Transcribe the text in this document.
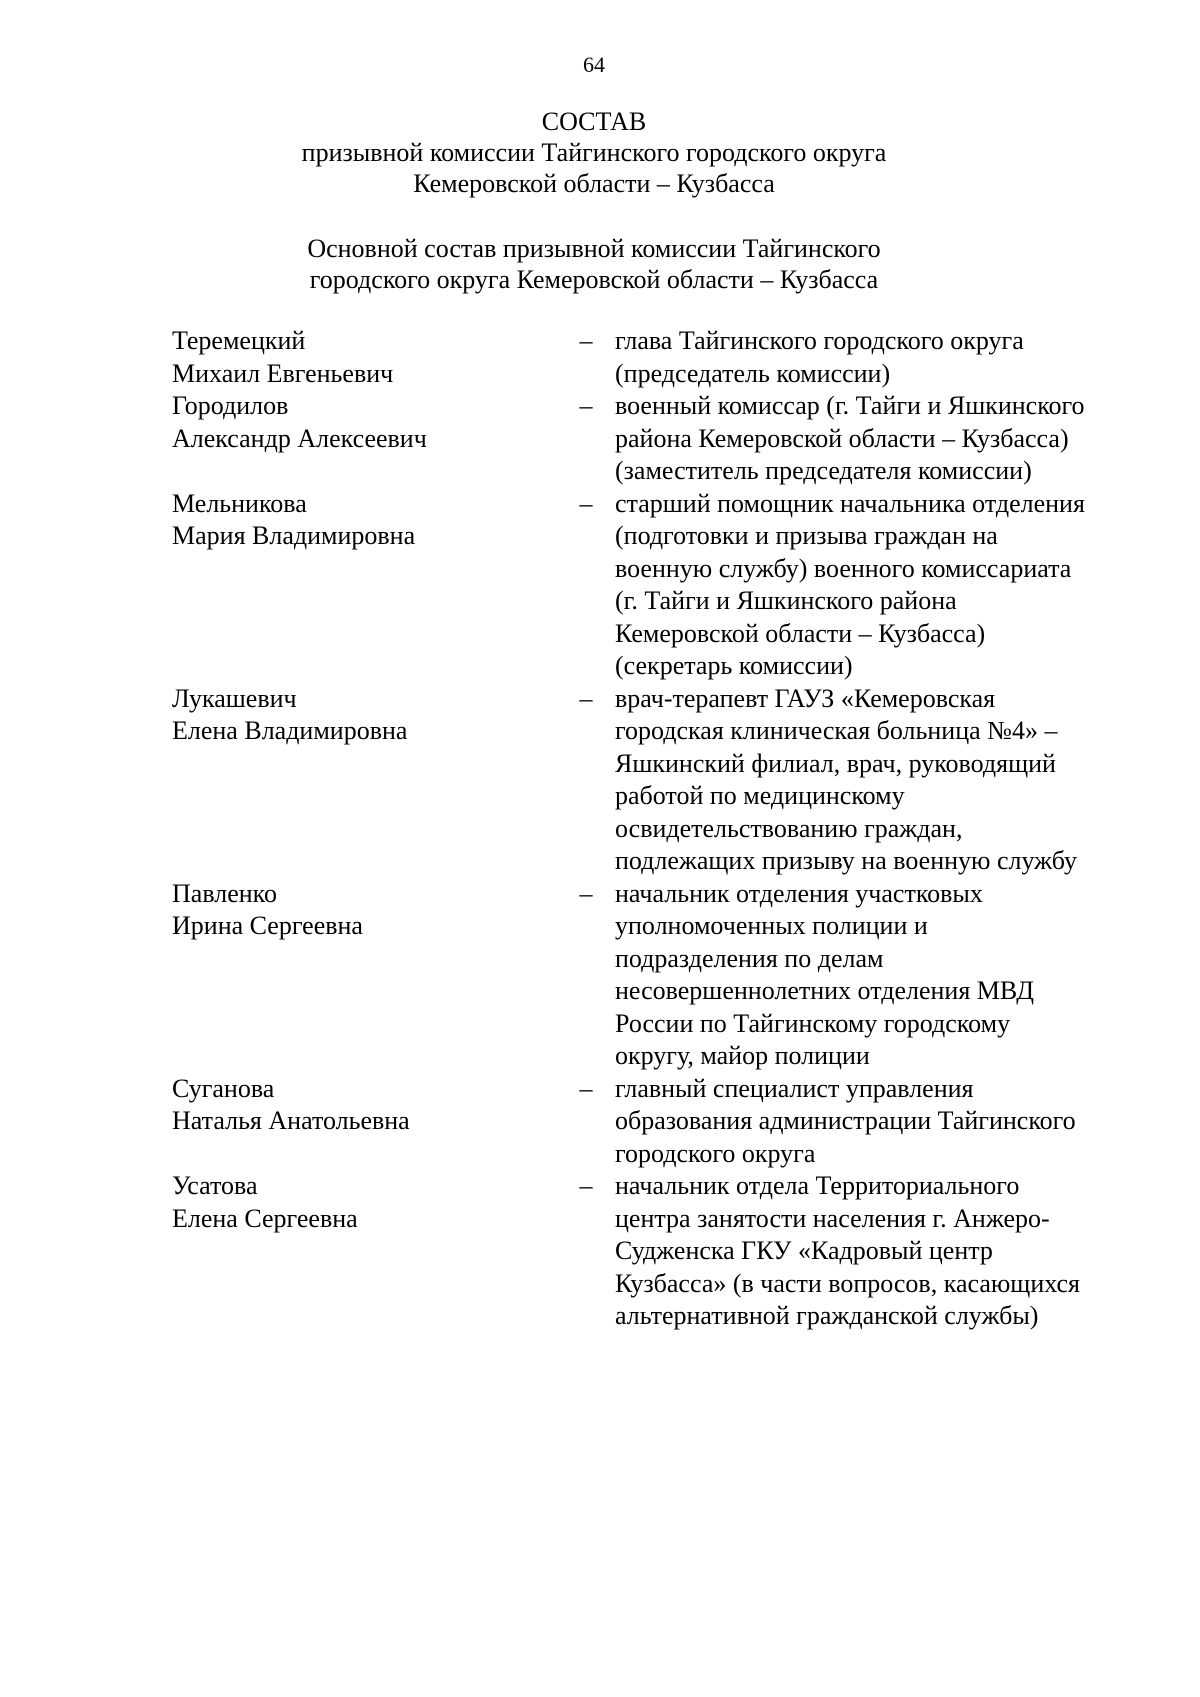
64
СОСТАВ
призывной комиссии Тайгинского городского округа
Кемеровской области – Кузбасса
Основной состав призывной комиссии Тайгинского
городского округа Кемеровской области – Кузбасса
Теремецкий
Михаил Евгеньевич
– глава Тайгинского городского округа
(председатель комиссии)
Городилов
Александр Алексеевич
– военный комиссар (г. Тайги и Яшкинского
района Кемеровской области – Кузбасса)
(заместитель председателя комиссии)
Мельникова
Мария Владимировна
– старший помощник начальника отделения
(подготовки и призыва граждан на
военную службу) военного комиссариата
(г. Тайги и Яшкинского района
Кемеровской области – Кузбасса)
(секретарь комиссии)
Лукашевич
Елена Владимировна
– врач-терапевт ГАУЗ «Кемеровская
городская клиническая больница №4» –
Яшкинский филиал, врач, руководящий
работой по медицинскому
освидетельствованию граждан,
подлежащих призыву на военную службу
Павленко
Ирина Сергеевна
– начальник отделения участковых
уполномоченных полиции и
подразделения по делам
несовершеннолетних отделения МВД
России по Тайгинскому городскому
округу, майор полиции
Суганова
Наталья Анатольевна
– главный специалист управления
образования администрации Тайгинского
городского округа
Усатова
Елена Сергеевна
– начальник отдела Территориального
центра занятости населения г. Анжеро-
Судженска ГКУ «Кадровый центр
Кузбасса» (в части вопросов, касающихся
альтернативной гражданской службы)
